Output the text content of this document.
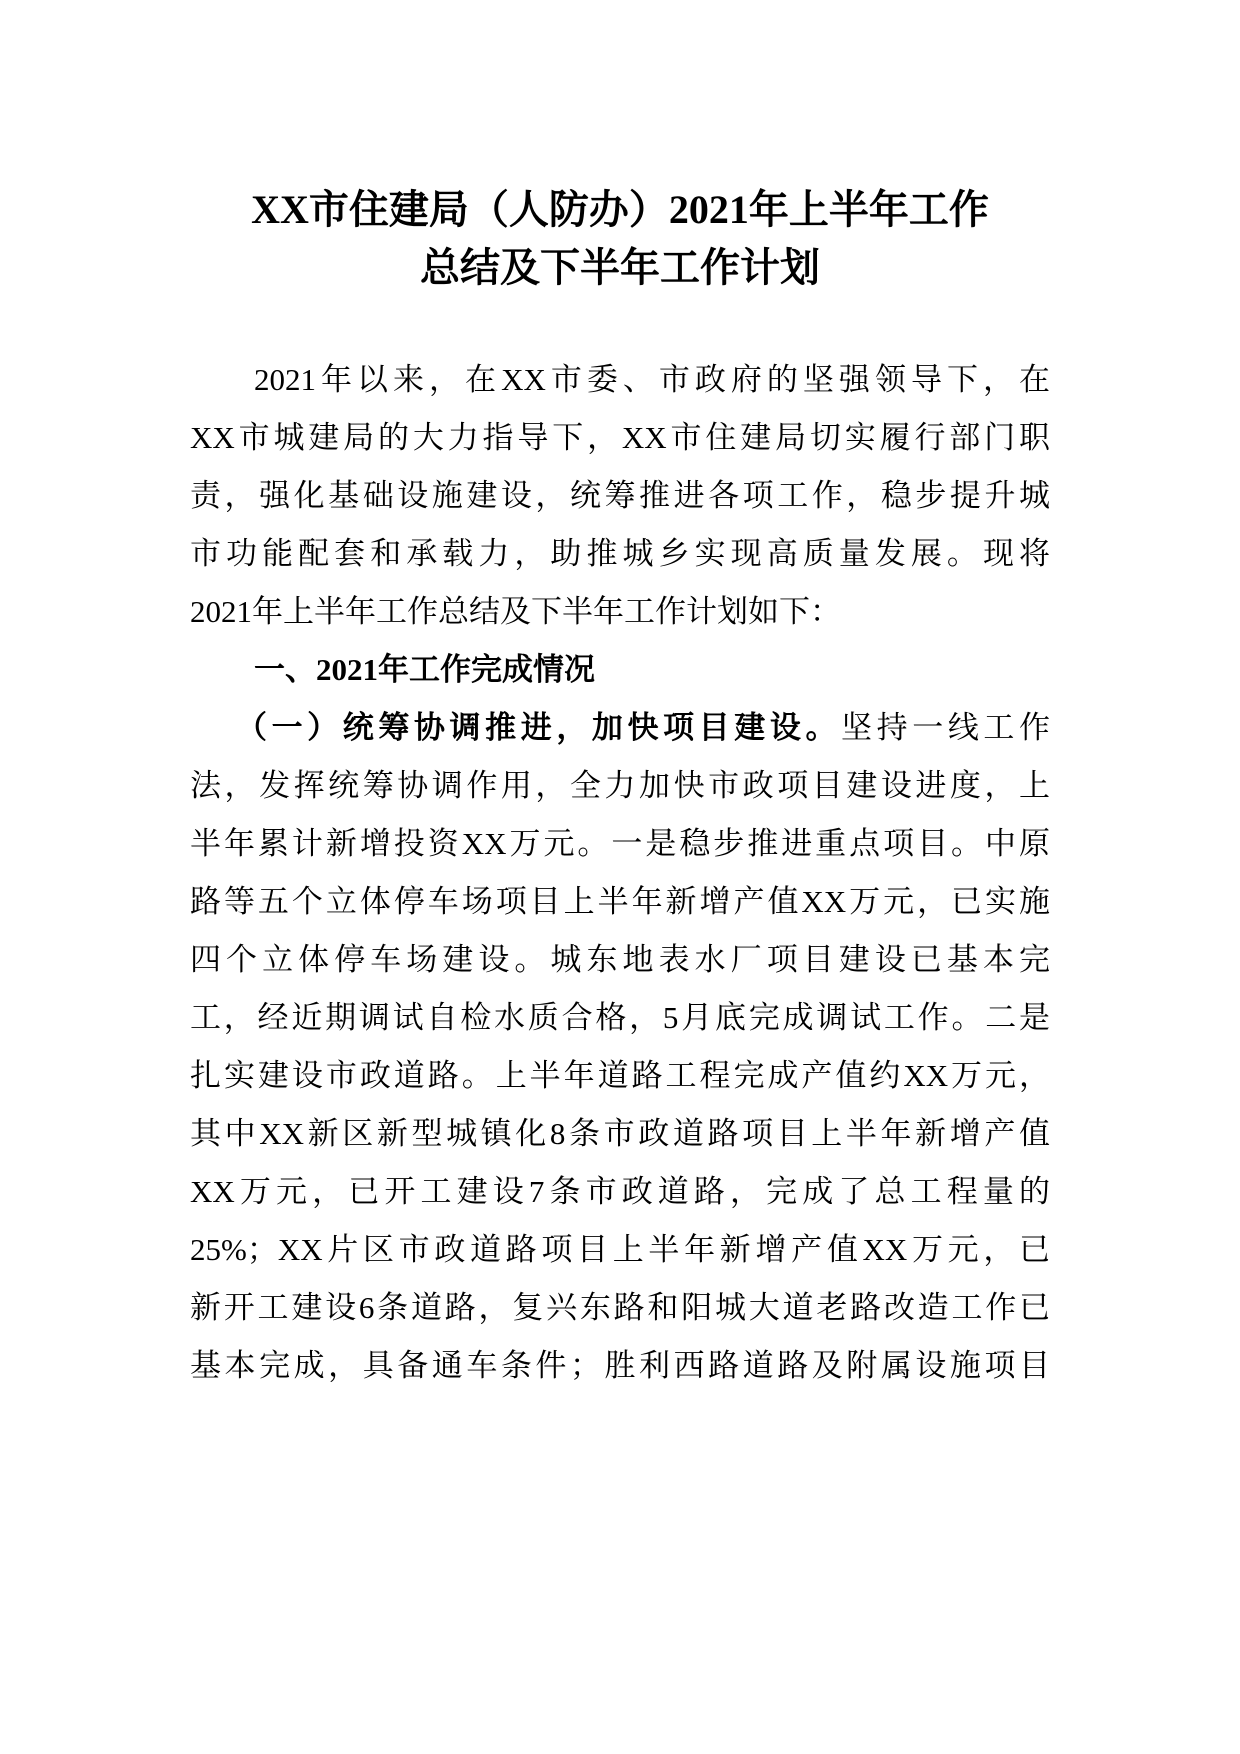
XX市住建局（人防办）2021年上半年工作
总结及下半年工作计划
2021年以来，在XX市委、市政府的坚强领导下，在
XX市城建局的大力指导下，XX市住建局切实履行部门职
责，强化基础设施建设，统筹推进各项工作，稳步提升城
市功能配套和承载力，助推城乡实现高质量发展。现将
2021年上半年工作总结及下半年工作计划如下：
一、2021年工作完成情况
（一）统筹协调推进，加快项目建设。坚持一线工作
法，发挥统筹协调作用，全力加快市政项目建设进度，上
半年累计新增投资XX万元。一是稳步推进重点项目。中原
路等五个立体停车场项目上半年新增产值XX万元，已实施
四个立体停车场建设。城东地表水厂项目建设已基本完
工，经近期调试自检水质合格，5月底完成调试工作。二是
扎实建设市政道路。上半年道路工程完成产值约XX万元，
其中XX新区新型城镇化8条市政道路项目上半年新增产值
XX万元，已开工建设7条市政道路，完成了总工程量的
25%；XX片区市政道路项目上半年新增产值XX万元，已
新开工建设6条道路，复兴东路和阳城大道老路改造工作已
基本完成，具备通车条件；胜利西路道路及附属设施项目
